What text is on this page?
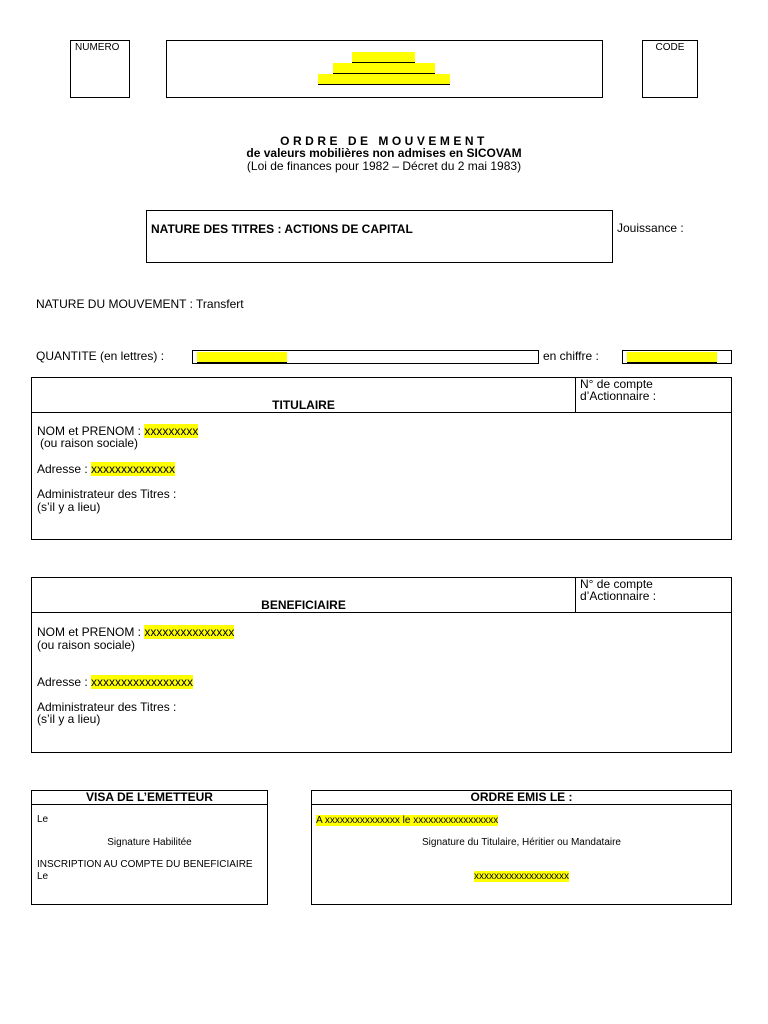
NUMERO	CODE
ORDRE DE MOUVEMENT
de valeurs mobilières non admises en SICOVAM
(Loi de finances pour 1982 – Décret du 2 mai 1983)
NATURE DES TITRES : ACTIONS DE CAPITAL	Jouissance :
NATURE DU MOUVEMENT : Transfert
QUANTITE (en lettres) :	en chiffre :
TITULAIRE
N° de compte
d’Actionnaire :
NOM et PRENOM : xxxxxxxxx
(ou raison sociale)
Adresse : xxxxxxxxxxxxxx
Administrateur des Titres :
(s’il y a lieu)
BENEFICIAIRE
N° de compte
d’Actionnaire :
NOM et PRENOM : xxxxxxxxxxxxxxx
(ou raison sociale)
Adresse : xxxxxxxxxxxxxxxxx
Administrateur des Titres :
(s’il y a lieu)
VISA DE L’EMETTEUR
Le
Signature Habilitée
INSCRIPTION AU COMPTE DU BENEFICIAIRE
Le
ORDRE EMIS LE :
A xxxxxxxxxxxxxxx le xxxxxxxxxxxxxxxxx
Signature du Titulaire, Héritier ou Mandataire
xxxxxxxxxxxxxxxxxxx
